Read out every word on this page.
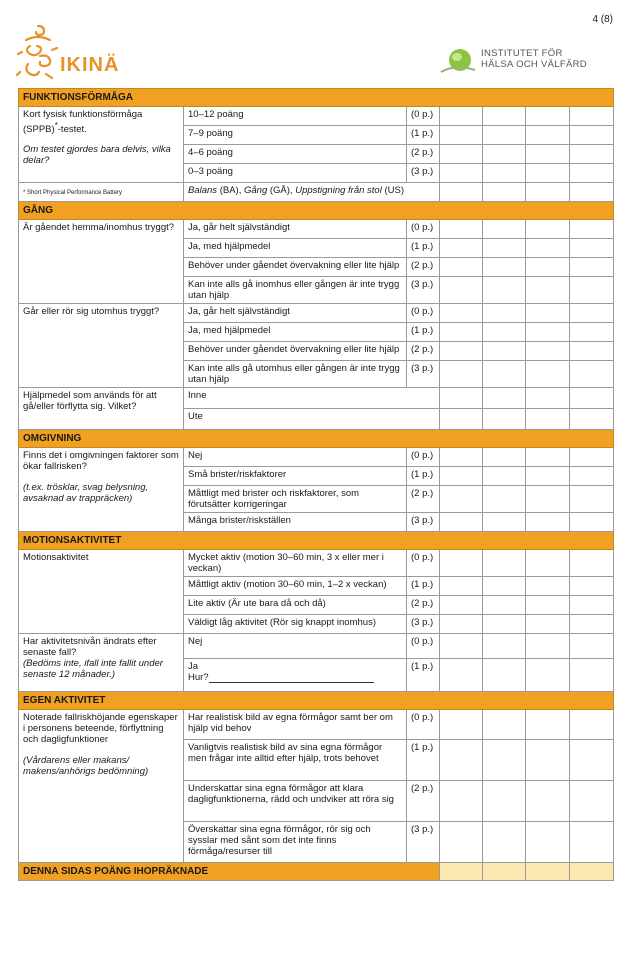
4 (8)
IKINÄ
INSTITUTET FÖR
HÄLSA OCH VÄLFÄRD
FUNKTIONSFÖRMÅGA						
Kort fysisk funktionsförmåga (SPPB)*-testet.
Om testet gjordes bara delvis, vilka delar?	10–12 poäng	(0 p.)				
	7–9 poäng	(1 p.)				
	4–6 poäng	(2 p.)				
	0–3 poäng	(3 p.)				
* Short Physical Performance Battery	Balans (BA), Gång (GÅ), Uppstigning från stol (US)					
GÅNG						
Är gåendet hemma/inomhus tryggt?	Ja, går helt självständigt	(0 p.)				
	Ja, med hjälpmedel	(1 p.)				
	Behöver under gåendet övervakning eller lite hjälp	(2 p.)				
	Kan inte alls gå inomhus eller gången är inte trygg utan hjälp	(3 p.)				
Går eller rör sig utomhus tryggt?	Ja, går helt självständigt	(0 p.)				
	Ja, med hjälpmedel	(1 p.)				
	Behöver under gåendet övervakning eller lite hjälp	(2 p.)				
	Kan inte alls gå utomhus eller gången är inte trygg utan hjälp	(3 p.)				
Hjälpmedel som används för att gå/eller förflytta sig. Vilket?	Inne					
	Ute					
OMGIVNING						

Finns det i omgivningen faktorer som ökar fallrisken?
(t.ex. trösklar, svag belysning, avsaknad av trappräcken)	Nej	(0 p.)				
	Små brister/riskfaktorer	(1 p.)				
	Måttligt med brister och riskfaktorer, som förutsätter korrigeringar	(2 p.)				
	Många brister/riskställen	(3 p.)				
MOTIONSAKTIVITET						
Motionsaktivitet	Mycket aktiv (motion 30–60 min, 3 x eller mer i veckan)	(0 p.)				
	Måttligt aktiv (motion 30–60 min, 1–2 x veckan)	(1 p.)				
	Lite aktiv (Är ute bara då och då)	(2 p.)				
	Väldigt låg aktivitet (Rör sig knappt inomhus)	(3 p.)				

Har aktivitetsnivån ändrats efter senaste fall?
(Bedöms inte, ifall inte fallit under senaste 12 månader.)	Nej	(0 p.)				

	Ja
Hur?	(1 p.)				
EGEN AKTIVITET						

Noterade fallriskhöjande egenskaper i personens beteende, förflyttning och dagligfunktioner
(Vårdarens eller makans/ makens/anhörigs bedömning)	Har realistisk bild av egna förmågor samt ber om hjälp vid behov	(0 p.)				
	Vanligtvis realistisk bild av sina egna förmågor men frågar inte alltid efter hjälp, trots behovet	(1 p.)				
	Underskattar sina egna förmågor att klara dagligfunktionerna, rädd och undviker att röra sig	(2 p.)				
	Överskattar sina egna förmågor, rör sig och sysslar med sånt som det inte finns förmåga/resurser till	(3 p.)				
DENNA SIDAS POÄNG IHOPRÄKNADE						
